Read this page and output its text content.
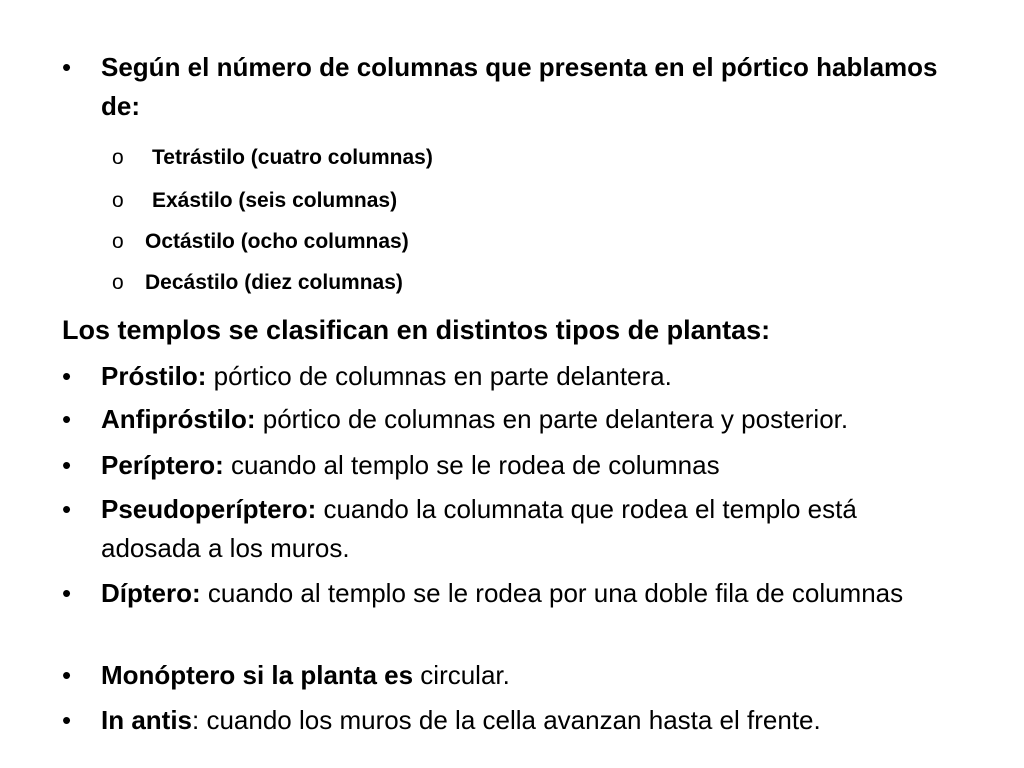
•	Según el número de columnas que presenta en el pórtico hablamos de:
o Tetrástilo (cuatro columnas)
o Exástilo (seis columnas)
o Octástilo (ocho columnas)
o Decástilo (diez columnas)
Los templos se clasifican en distintos tipos de plantas:
•	Próstilo: pórtico de columnas en parte delantera.
•	Anfipróstilo: pórtico de columnas en parte delantera y posterior.
•	Períptero: cuando al templo se le rodea de columnas
•	Pseudoperíptero: cuando la columnata que rodea el templo está adosada a los muros.
•	Díptero: cuando al templo se le rodea por una doble fila de columnas
•	Monóptero si la planta es circular.
•	In antis: cuando los muros de la cella avanzan hasta el frente.
